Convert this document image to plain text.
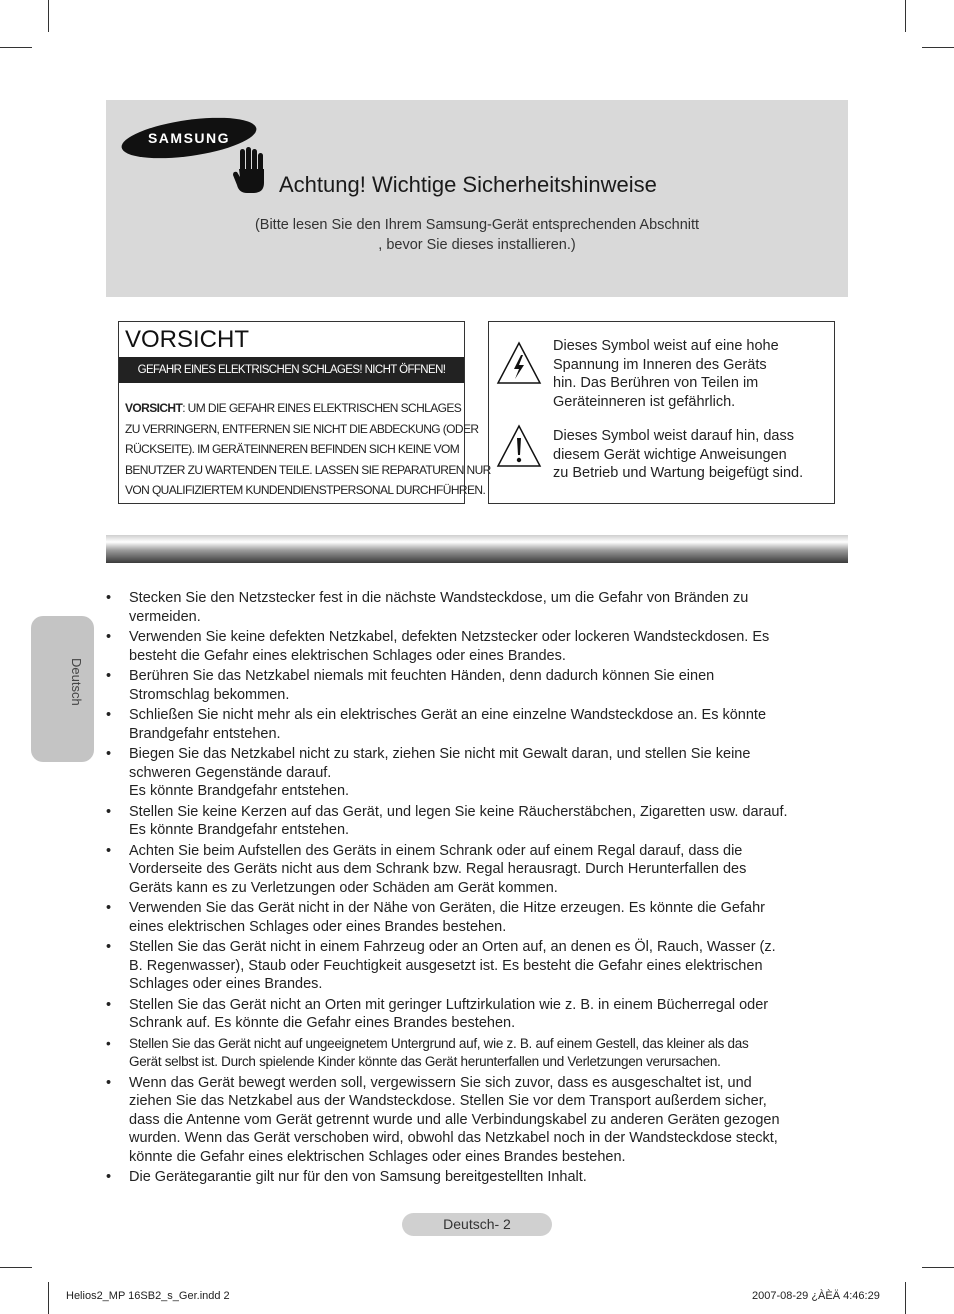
SAMSUNG
Achtung! Wichtige Sicherheitshinweise
(Bitte lesen Sie den Ihrem Samsung-Gerät entsprechenden Abschnitt
, bevor Sie dieses installieren.)
VORSICHT
GEFAHR EINES ELEKTRISCHEN SCHLAGES! NICHT ÖFFNEN!
VORSICHT: UM DIE GEFAHR EINES ELEKTRISCHEN SCHLAGES
ZU VERRINGERN, ENTFERNEN SIE NICHT DIE ABDECKUNG (ODER
RÜCKSEITE). IM GERÄTEINNEREN BEFINDEN SICH KEINE VOM
BENUTZER ZU WARTENDEN TEILE. LASSEN SIE REPARATUREN NUR
VON QUALIFIZIERTEM KUNDENDIENSTPERSONAL DURCHFÜHREN.
Dieses Symbol weist auf eine hohe
Spannung im Inneren des Geräts
hin. Das Berühren von Teilen im
Geräteinneren ist gefährlich.
Dieses Symbol weist darauf hin, dass
diesem Gerät wichtige Anweisungen
zu Betrieb und Wartung beigefügt sind.
Deutsch
• Stecken Sie den Netzstecker fest in die nächste Wandsteckdose, um die Gefahr von Bränden zu
vermeiden.
• Verwenden Sie keine defekten Netzkabel, defekten Netzstecker oder lockeren Wandsteckdosen. Es
besteht die Gefahr eines elektrischen Schlages oder eines Brandes.
• Berühren Sie das Netzkabel niemals mit feuchten Händen, denn dadurch können Sie einen
Stromschlag bekommen.
• Schließen Sie nicht mehr als ein elektrisches Gerät an eine einzelne Wandsteckdose an. Es könnte
Brandgefahr entstehen.
• Biegen Sie das Netzkabel nicht zu stark, ziehen Sie nicht mit Gewalt daran, und stellen Sie keine
schweren Gegenstände darauf.
Es könnte Brandgefahr entstehen.
• Stellen Sie keine Kerzen auf das Gerät, und legen Sie keine Räucherstäbchen, Zigaretten usw. darauf.
Es könnte Brandgefahr entstehen.
• Achten Sie beim Aufstellen des Geräts in einem Schrank oder auf einem Regal darauf, dass die
Vorderseite des Geräts nicht aus dem Schrank bzw. Regal herausragt. Durch Herunterfallen des
Geräts kann es zu Verletzungen oder Schäden am Gerät kommen.
• Verwenden Sie das Gerät nicht in der Nähe von Geräten, die Hitze erzeugen. Es könnte die Gefahr
eines elektrischen Schlages oder eines Brandes bestehen.
• Stellen Sie das Gerät nicht in einem Fahrzeug oder an Orten auf, an denen es Öl, Rauch, Wasser (z.
B. Regenwasser), Staub oder Feuchtigkeit ausgesetzt ist. Es besteht die Gefahr eines elektrischen
Schlages oder eines Brandes.
• Stellen Sie das Gerät nicht an Orten mit geringer Luftzirkulation wie z. B. in einem Bücherregal oder
Schrank auf. Es könnte die Gefahr eines Brandes bestehen.
• Stellen Sie das Gerät nicht auf ungeeignetem Untergrund auf, wie z. B. auf einem Gestell, das kleiner als das
Gerät selbst ist. Durch spielende Kinder könnte das Gerät herunterfallen und Verletzungen verursachen.
• Wenn das Gerät bewegt werden soll, vergewissern Sie sich zuvor, dass es ausgeschaltet ist, und
ziehen Sie das Netzkabel aus der Wandsteckdose. Stellen Sie vor dem Transport außerdem sicher,
dass die Antenne vom Gerät getrennt wurde und alle Verbindungskabel zu anderen Geräten gezogen
wurden. Wenn das Gerät verschoben wird, obwohl das Netzkabel noch in der Wandsteckdose steckt,
könnte die Gefahr eines elektrischen Schlages oder eines Brandes bestehen.
• Die Gerätegarantie gilt nur für den von Samsung bereitgestellten Inhalt.
Deutsch- 2
Helios2_MP 16SB2_s_Ger.indd 2	2007-08-29 ¿ÀÈÄ 4:46:29
